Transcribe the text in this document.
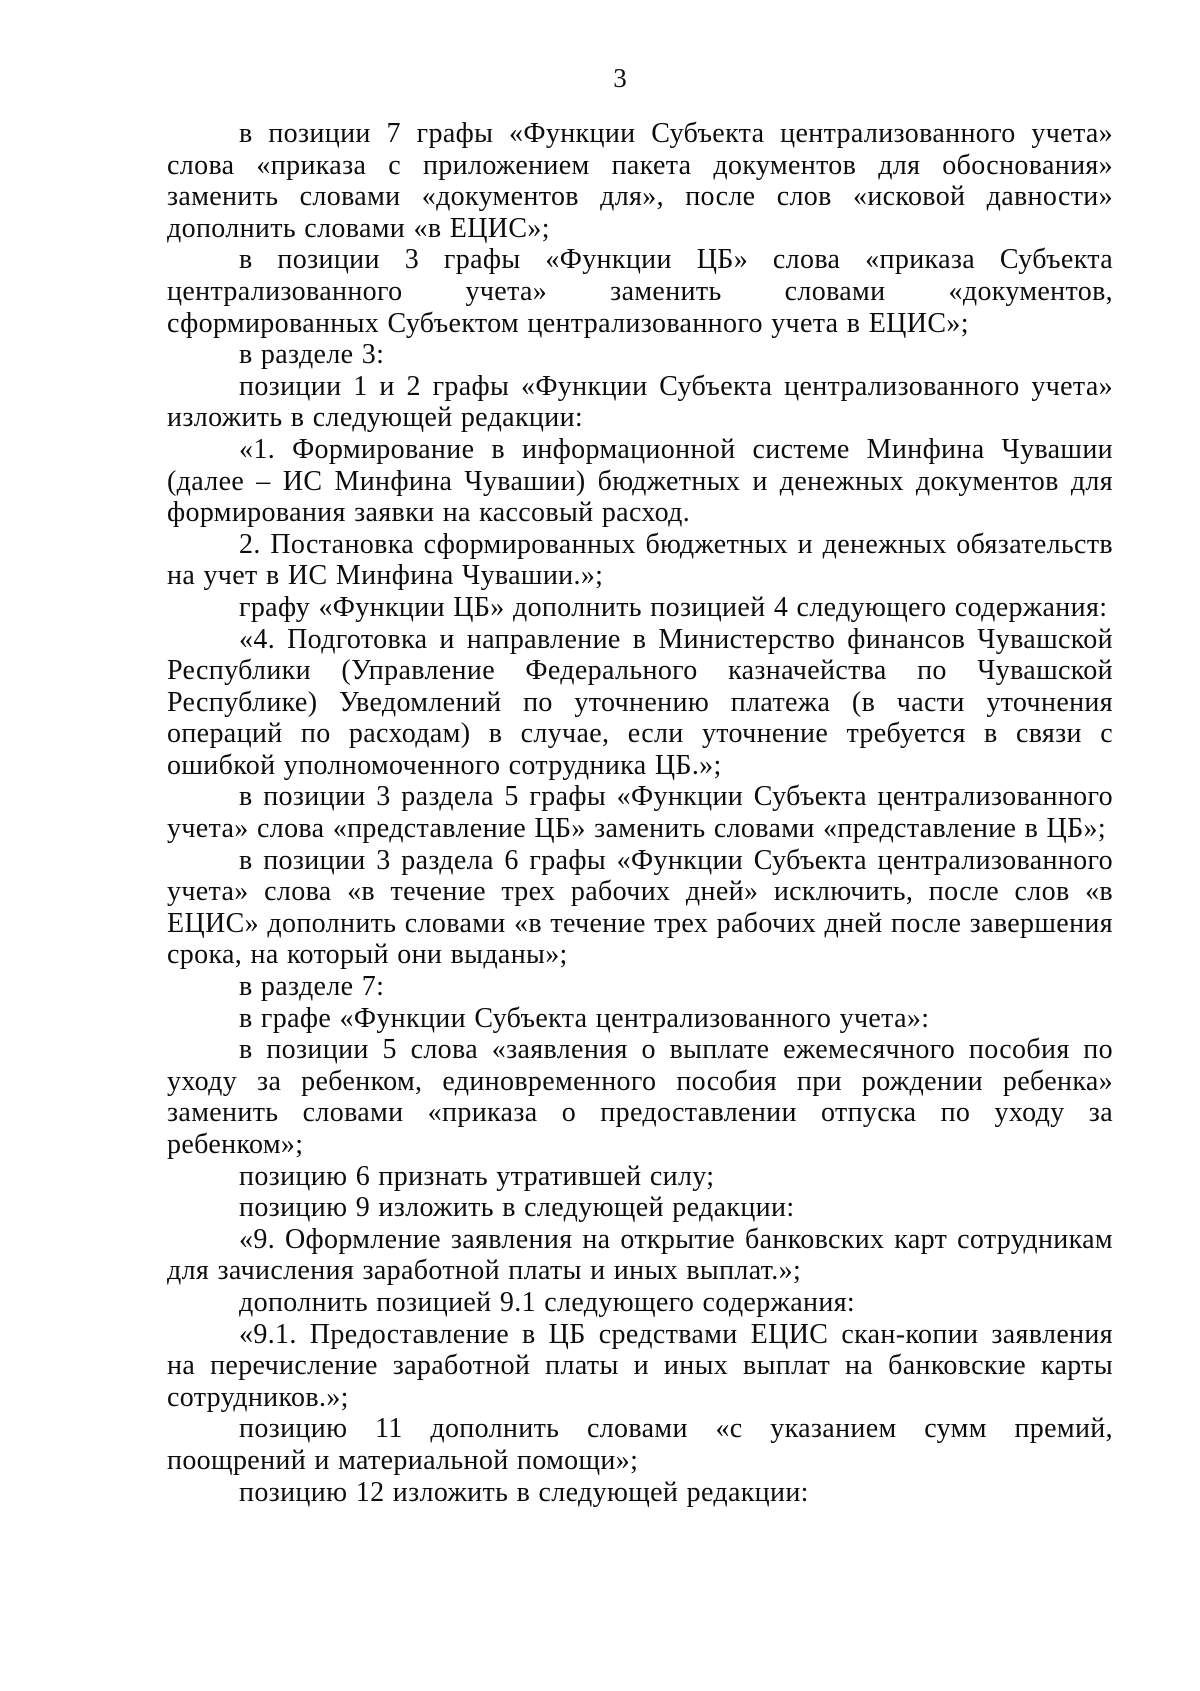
3

в позиции 7 графы «Функции Субъекта централизованного учета» слова «приказа с приложением пакета документов для обоснования» заменить словами «документов для», после слов «исковой давности» дополнить словами «в ЕЦИС»;

в позиции 3 графы «Функции ЦБ» слова «приказа Субъекта централизованного учета» заменить словами «документов, сформированных Субъектом централизованного учета в ЕЦИС»;

в разделе 3:

позиции 1 и 2 графы «Функции Субъекта централизованного учета» изложить в следующей редакции:

«1. Формирование в информационной системе Минфина Чувашии (далее – ИС Минфина Чувашии) бюджетных и денежных документов для формирования заявки на кассовый расход.

2. Постановка сформированных бюджетных и денежных обязательств на учет в ИС Минфина Чувашии.»;

графу «Функции ЦБ» дополнить позицией 4 следующего содержания:

«4. Подготовка и направление в Министерство финансов Чувашской Республики (Управление Федерального казначейства по Чувашской Республике) Уведомлений по уточнению платежа (в части уточнения операций по расходам) в случае, если уточнение требуется в связи с ошибкой уполномоченного сотрудника ЦБ.»;

в позиции 3 раздела 5 графы «Функции Субъекта централизованного учета» слова «представление ЦБ» заменить словами «представление в ЦБ»;

в позиции 3 раздела 6 графы «Функции Субъекта централизованного учета» слова «в течение трех рабочих дней» исключить, после слов «в ЕЦИС» дополнить словами «в течение трех рабочих дней после завершения срока, на который они выданы»;

в разделе 7:

в графе «Функции Субъекта централизованного учета»:

в позиции 5 слова «заявления о выплате ежемесячного пособия по уходу за ребенком, единовременного пособия при рождении ребенка» заменить словами «приказа о предоставлении отпуска по уходу за ребенком»;

позицию 6 признать утратившей силу;

позицию 9 изложить в следующей редакции:

«9. Оформление заявления на открытие банковских карт сотрудникам для зачисления заработной платы и иных выплат.»;

дополнить позицией 9.1 следующего содержания:

«9.1. Предоставление в ЦБ средствами ЕЦИС скан-копии заявления на перечисление заработной платы и иных выплат на банковские карты сотрудников.»;

позицию 11 дополнить словами «с указанием сумм премий, поощрений и материальной помощи»;

позицию 12 изложить в следующей редакции:
